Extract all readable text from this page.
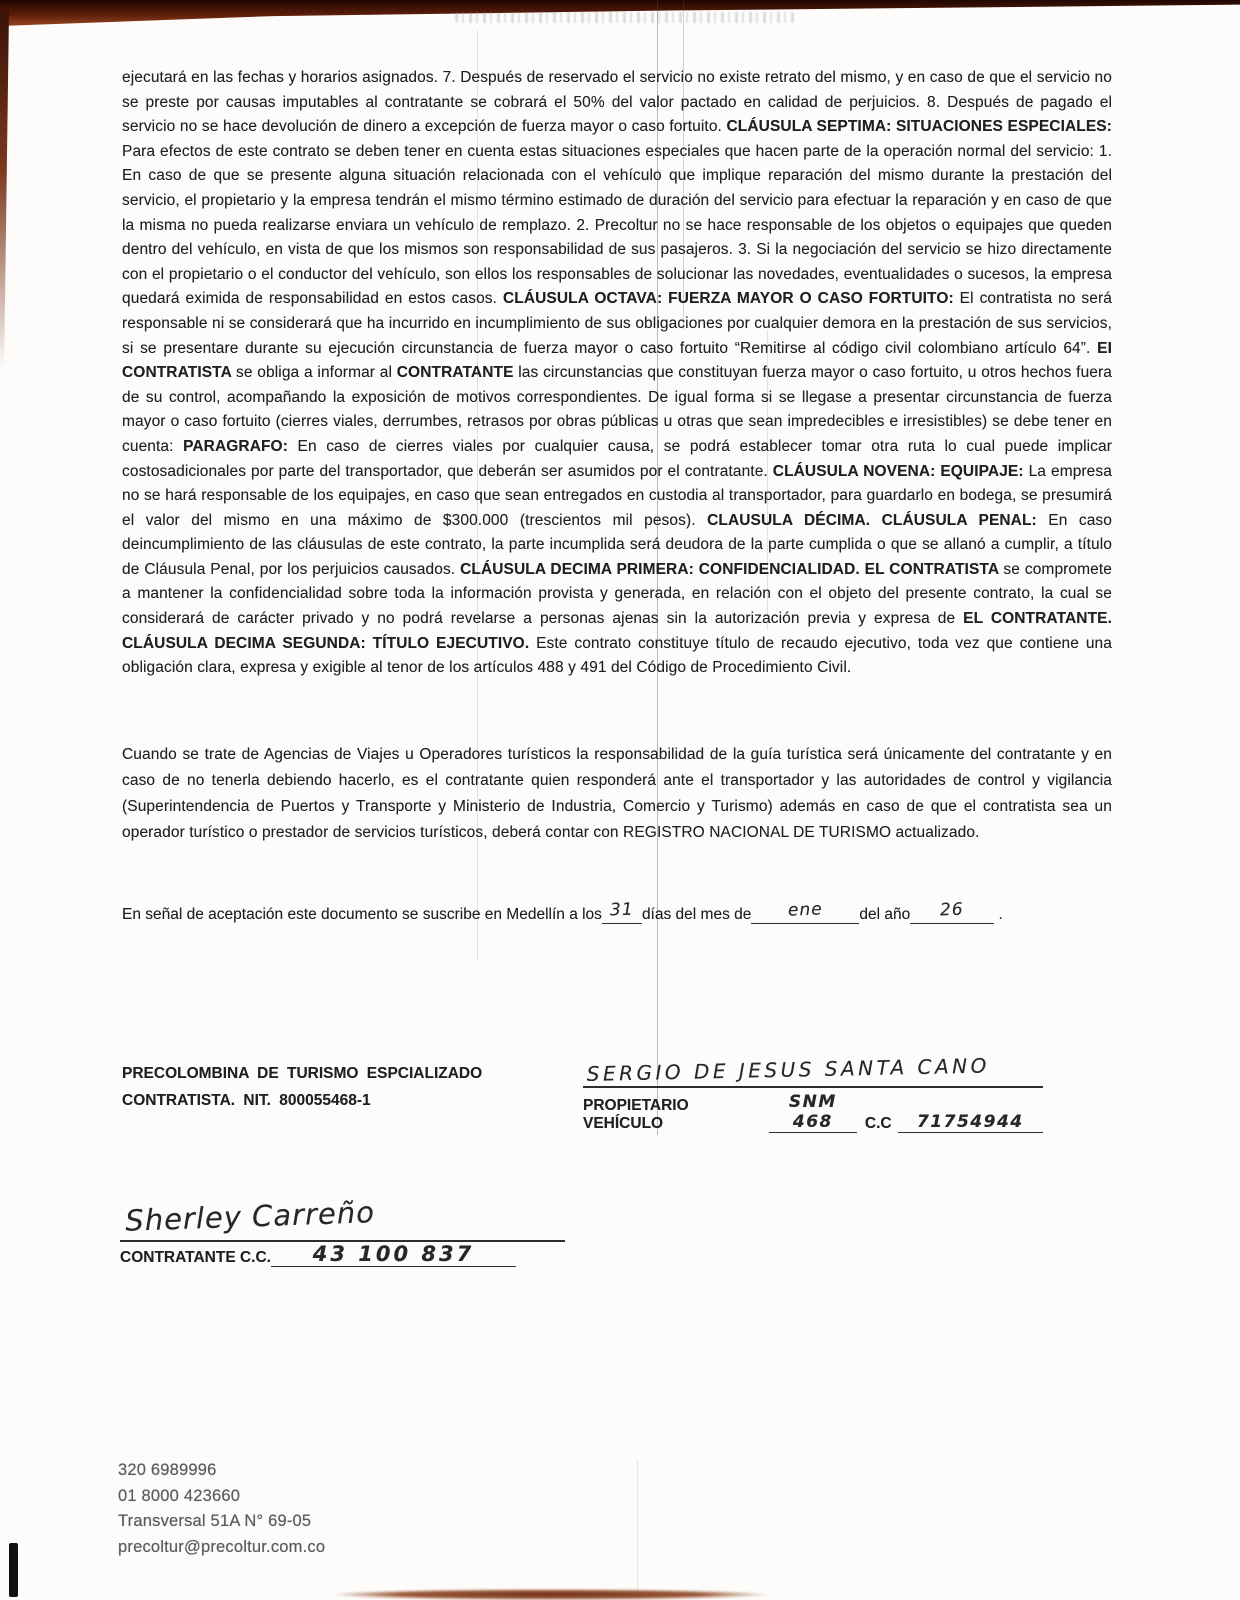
ejecutará en las fechas y horarios asignados. 7. Después de reservado el servicio no existe retrato del mismo, y en caso de que el servicio no se preste por causas imputables al contratante se cobrará el 50% del valor pactado en calidad de perjuicios. 8. Después de pagado el servicio no se hace devolución de dinero a excepción de fuerza mayor o caso fortuito. CLÁUSULA SEPTIMA: SITUACIONES ESPECIALES: Para efectos de este contrato se deben tener en cuenta estas situaciones especiales que hacen parte de la operación normal del servicio: 1. En caso de que se presente alguna situación relacionada con el vehículo que implique reparación del mismo durante la prestación del servicio, el propietario y la empresa tendrán el mismo término estimado de duración del servicio para efectuar la reparación y en caso de que la misma no pueda realizarse enviara un vehículo de remplazo. 2. Precoltur no se hace responsable de los objetos o equipajes que queden dentro del vehículo, en vista de que los mismos son responsabilidad de sus pasajeros. 3. Si la negociación del servicio se hizo directamente con el propietario o el conductor del vehículo, son ellos los responsables de solucionar las novedades, eventualidades o sucesos, la empresa quedará eximida de responsabilidad en estos casos. CLÁUSULA OCTAVA: FUERZA MAYOR O CASO FORTUITO: El contratista no será responsable ni se considerará que ha incurrido en incumplimiento de sus obligaciones por cualquier demora en la prestación de sus servicios, si se presentare durante su ejecución circunstancia de fuerza mayor o caso fortuito “Remitirse al código civil colombiano artículo 64”. EI CONTRATISTA se obliga a informar al CONTRATANTE las circunstancias que constituyan fuerza mayor o caso fortuito, u otros hechos fuera de su control, acompañando la exposición de motivos correspondientes. De igual forma si se llegase a presentar circunstancia de fuerza mayor o caso fortuito (cierres viales, derrumbes, retrasos por obras públicas u otras que sean impredecibles e irresistibles) se debe tener en cuenta: PARAGRAFO: En caso de cierres viales por cualquier causa, se podrá establecer tomar otra ruta lo cual puede implicar costosadicionales por parte del transportador, que deberán ser asumidos por el contratante. CLÁUSULA NOVENA: EQUIPAJE: La empresa no se hará responsable de los equipajes, en caso que sean entregados en custodia al transportador, para guardarlo en bodega, se presumirá el valor del mismo en una máximo de $300.000 (trescientos mil pesos). CLAUSULA DÉCIMA. CLÁUSULA PENAL: En caso deincumplimiento de las cláusulas de este contrato, la parte incumplida será deudora de la parte cumplida o que se allanó a cumplir, a título de Cláusula Penal, por los perjuicios causados. CLÁUSULA DECIMA PRIMERA: CONFIDENCIALIDAD. EL CONTRATISTA se compromete a mantener la confidencialidad sobre toda la información provista y generada, en relación con el objeto del presente contrato, la cual se considerará de carácter privado y no podrá revelarse a personas ajenas sin la autorización previa y expresa de EL CONTRATANTE. CLÁUSULA DECIMA SEGUNDA: TÍTULO EJECUTIVO. Este contrato constituye título de recaudo ejecutivo, toda vez que contiene una obligación clara, expresa y exigible al tenor de los artículos 488 y 491 del Código de Procedimiento Civil.
Cuando se trate de Agencias de Viajes u Operadores turísticos la responsabilidad de la guía turística será únicamente del contratante y en caso de no tenerla debiendo hacerlo, es el contratante quien responderá ante el transportador y las autoridades de control y vigilancia (Superintendencia de Puertos y Transporte y Ministerio de Industria, Comercio y Turismo) además en caso de que el contratista sea un operador turístico o prestador de servicios turísticos, deberá contar con REGISTRO NACIONAL DE TURISMO actualizado.
En señal de aceptación este documento se suscribe en Medellín a los 31 días del mes de ene del año 26 .
PRECOLOMBINA DE TURISMO ESPCIALIZADO
CONTRATISTA. NIT. 800055468-1
SERGIO DE JESUS SANTA CANO
PROPIETARIO VEHÍCULO
SNM 468	C.C	71754944
Sherley Carreño
CONTRATANTE C.C.	43 100 837
320 6989996
01 8000 423660
Transversal 51A N° 69-05
precoltur@precoltur.com.co
